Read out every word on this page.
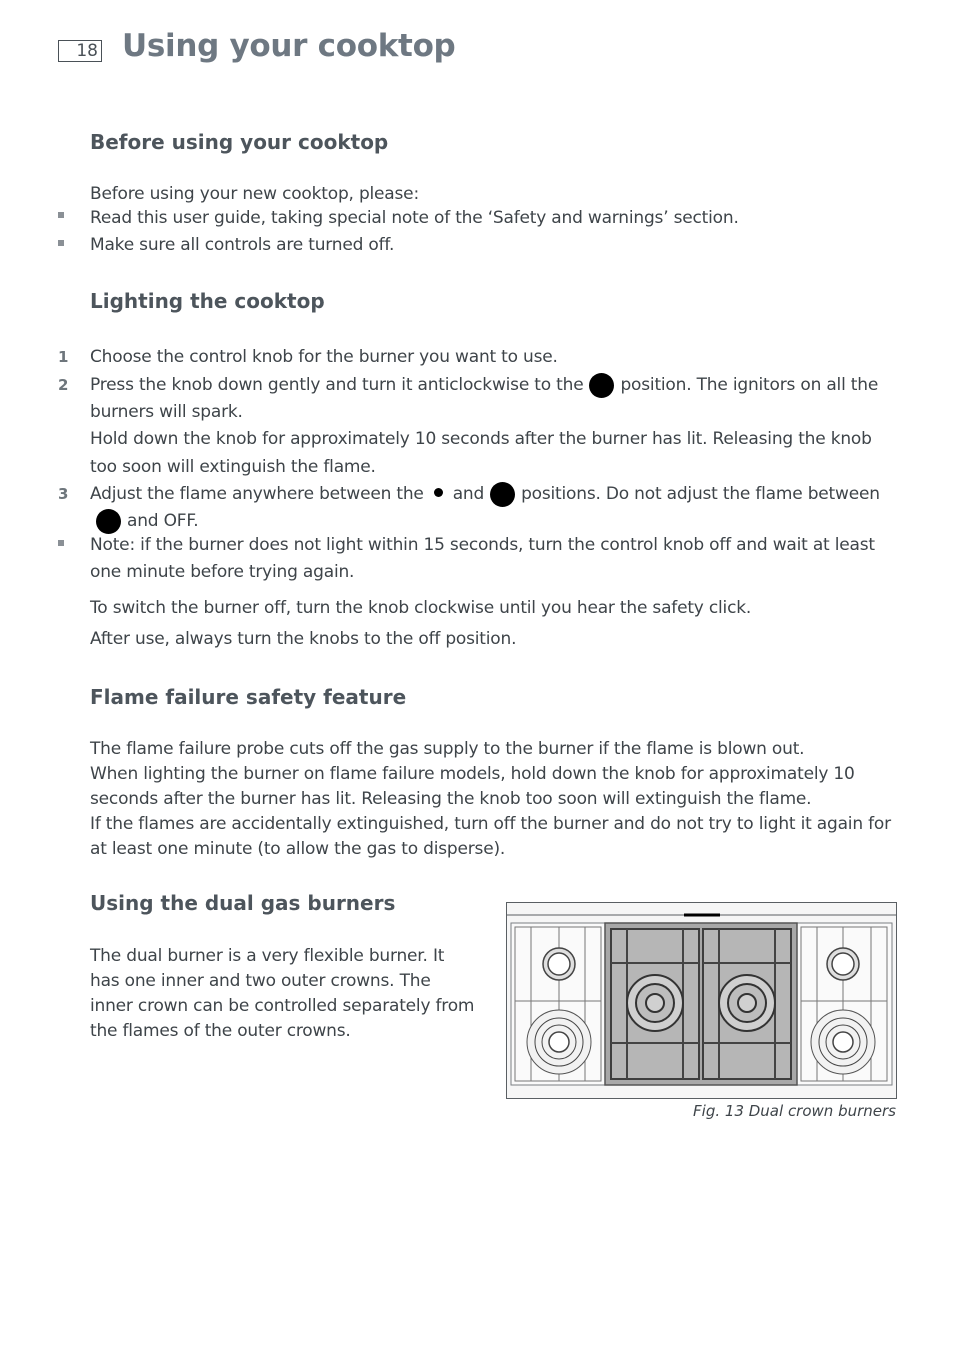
18 Using your cooktop
Before using your cooktop

Before using your new cooktop, please:

Read this user guide, taking special note of the ‘Safety and warnings’ section.

Make sure all controls are turned off.

Lighting the cooktop
1 Choose the control knob for the burner you want to use.

2 Press the knob down gently and turn it anticlockwise to the position. The ignitors on all the

burners will spark.

Hold down the knob for approximately 10 seconds after the burner has lit. Releasing the knob

too soon will extinguish the flame.

3 Adjust the flame anywhere between the and positions. Do not adjust the flame between

and OFF.

Note: if the burner does not light within 15 seconds, turn the control knob off and wait at least

one minute before trying again.

To switch the burner off, turn the knob clockwise until you hear the safety click.

After use, always turn the knobs to the off position.

Flame failure safety feature

The flame failure probe cuts off the gas supply to the burner if the flame is blown out.

When lighting the burner on flame failure models, hold down the knob for approximately 10

seconds after the burner has lit. Releasing the knob too soon will extinguish the flame.

If the flames are accidentally extinguished, turn off the burner and do not try to light it again for

at least one minute (to allow the gas to disperse).

Using the dual gas burners

The dual burner is a very flexible burner. It

has one inner and two outer crowns. The

inner crown can be controlled separately from

the flames of the outer crowns.

Fig. 13 Dual crown burners
